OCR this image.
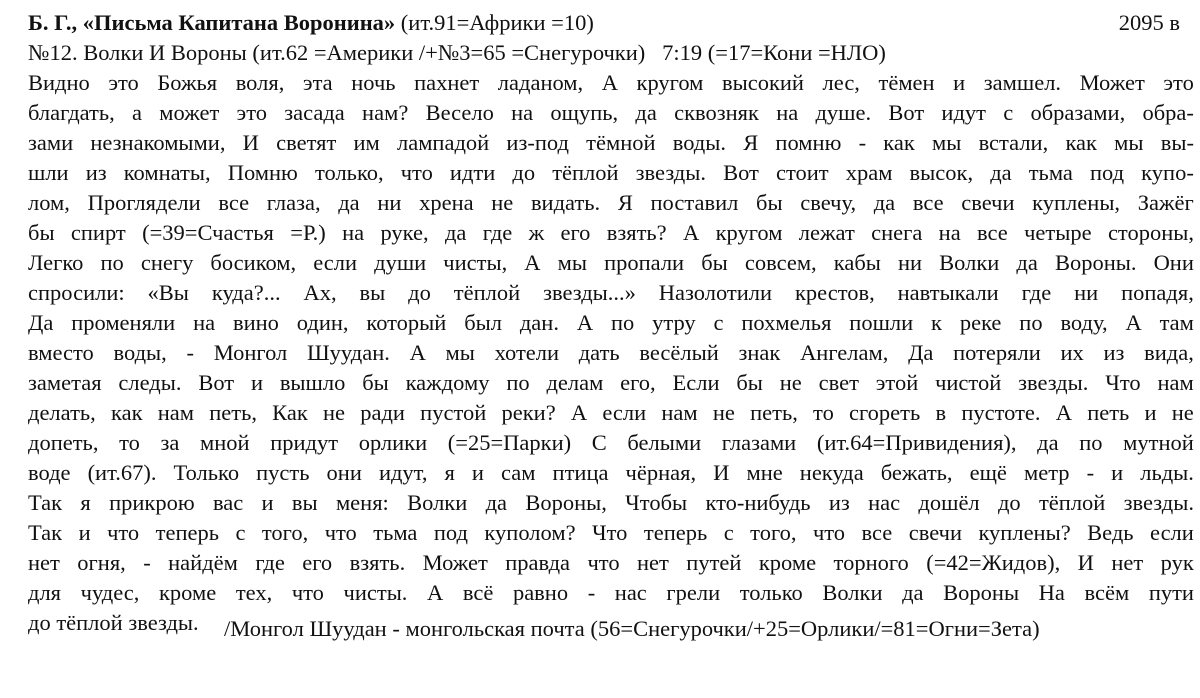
Б. Г., «Письма Капитана Воронина» (ит.91=Африки =10)	2095 в
№12. Волки И Вороны (ит.62 =Америки /+№3=65 =Снегурочки)   7:19 (=17=Кони =НЛО)
Видно это Божья воля, эта ночь пахнет ладаном, А кругом высокий лес, тёмен и замшел. Может это
благдать, а может это засада нам? Весело на ощупь, да сквозняк на душе. Вот идут с образами, обра-
зами незнакомыми, И светят им лампадой из-под тёмной воды. Я помню - как мы встали, как мы вы-
шли из комнаты, Помню только, что идти до тёплой звезды. Вот стоит храм высок, да тьма под купо-
лом, Проглядели все глаза, да ни хрена не видать. Я поставил бы свечу, да все свечи куплены, Зажёг
бы спирт (=39=Счастья =Р.) на руке, да где ж его взять? А кругом лежат снега на все четыре стороны,
Легко по снегу босиком, если души чисты, А мы пропали бы совсем, кабы ни Волки да Вороны. Они
спросили: «Вы куда?... Ах, вы до тёплой звезды...» Назолотили крестов, навтыкали где ни попадя,
Да променяли на вино один, который был дан. А по утру с похмелья пошли к реке по воду, А там
вместо воды, - Монгол Шуудан. А мы хотели дать весёлый знак Ангелам, Да потеряли их из вида,
заметая следы. Вот и вышло бы каждому по делам его, Если бы не свет этой чистой звезды. Что нам
делать, как нам петь, Как не ради пустой реки? А если нам не петь, то сгореть в пустоте. А петь и не
допеть, то за мной придут орлики (=25=Парки) С белыми глазами (ит.64=Привидения), да по мутной
воде (ит.67). Только пусть они идут, я и сам птица чёрная, И мне некуда бежать, ещё метр - и льды.
Так я прикрою вас и вы меня: Волки да Вороны, Чтобы кто-нибудь из нас дошёл до тёплой звезды.
Так и что теперь с того, что тьма под куполом? Что теперь с того, что все свечи куплены? Ведь если
нет огня, - найдём где его взять. Может правда что нет путей кроме торного (=42=Жидов), И нет рук
для чудес, кроме тех, что чисты. А всё равно - нас грели только Волки да Вороны На всём пути
до тёплой звезды. /Монгол Шуудан - монгольская почта (56=Снегурочки/+25=Орлики/=81=Огни=Зета)
